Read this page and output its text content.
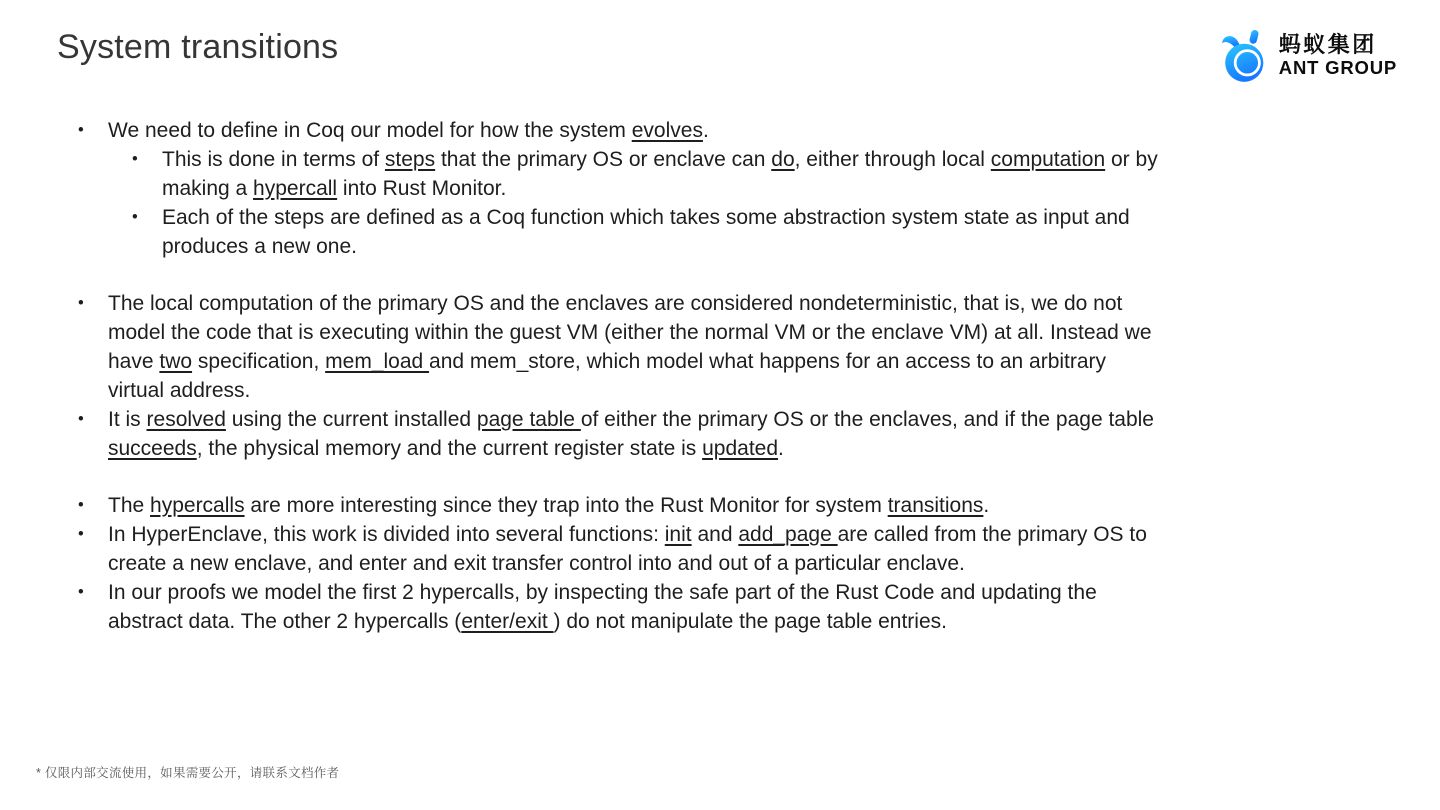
System transitions	蚂蚁集团
ANT GROUP
•	We need to define in Coq our model for how the system evolves.
•	This is done in terms of steps that the primary OS or enclave can do, either through local computation or by making a hypercall into Rust Monitor.
•	Each of the steps are defined as a Coq function which takes some abstraction system state as input and produces a new one.
•	The local computation of the primary OS and the enclaves are considered nondeterministic, that is, we do not model the code that is executing within the guest VM (either the normal VM or the enclave VM) at all. Instead we have two specification, mem_load and mem_store, which model what happens for an access to an arbitrary virtual address.
•	It is resolved using the current installed page table of either the primary OS or the enclaves, and if the page table succeeds, the physical memory and the current register state is updated.
•	The hypercalls are more interesting since they trap into the Rust Monitor for system transitions.
•	In HyperEnclave, this work is divided into several functions: init and add_page are called from the primary OS to create a new enclave, and enter and exit transfer control into and out of a particular enclave.
•	In our proofs we model the first 2 hypercalls, by inspecting the safe part of the Rust Code and updating the abstract data. The other 2 hypercalls (enter/exit ) do not manipulate the page table entries.
* 仅限内部交流使用，如果需要公开，请联系文档作者
